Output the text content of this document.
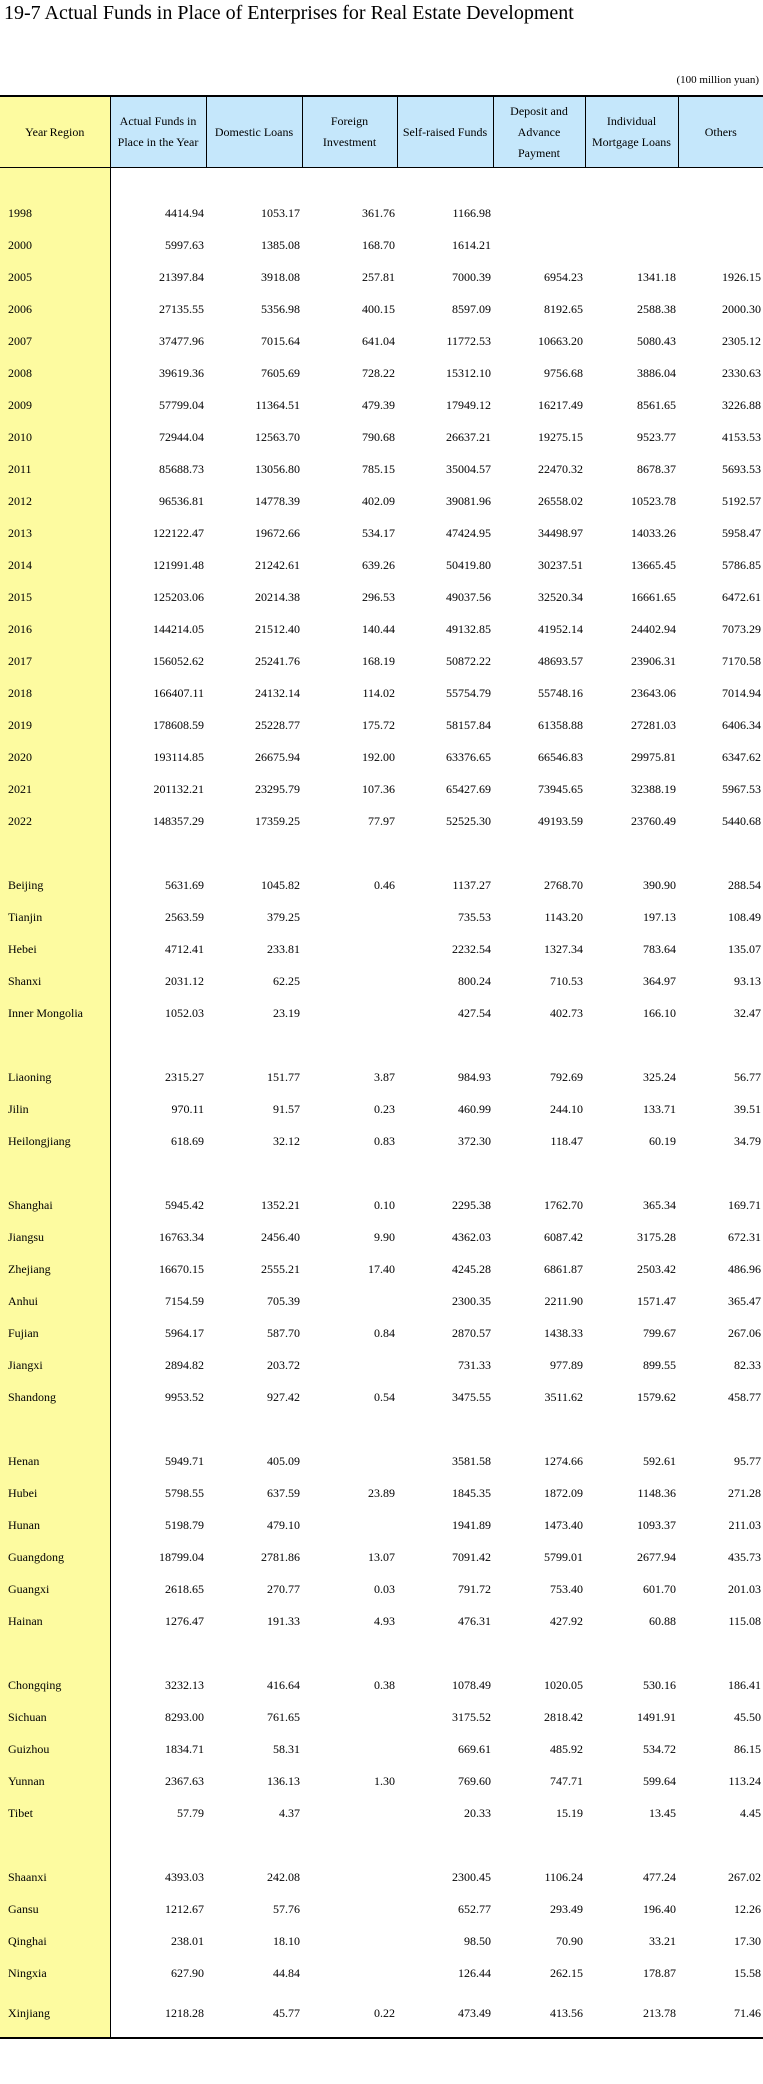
19-7 Actual Funds in Place of Enterprises for Real Estate Development
(100 million yuan)
Year Region	Actual Funds in Place in the Year	Domestic Loans	Foreign Investment	Self-raised Funds	Deposit and Advance Payment	Individual Mortgage Loans	Others

1998	4414.94	1053.17	361.76	1166.98			
2000	5997.63	1385.08	168.70	1614.21			
2005	21397.84	3918.08	257.81	7000.39	6954.23	1341.18	1926.15
2006	27135.55	5356.98	400.15	8597.09	8192.65	2588.38	2000.30
2007	37477.96	7015.64	641.04	11772.53	10663.20	5080.43	2305.12
2008	39619.36	7605.69	728.22	15312.10	9756.68	3886.04	2330.63
2009	57799.04	11364.51	479.39	17949.12	16217.49	8561.65	3226.88
2010	72944.04	12563.70	790.68	26637.21	19275.15	9523.77	4153.53
2011	85688.73	13056.80	785.15	35004.57	22470.32	8678.37	5693.53
2012	96536.81	14778.39	402.09	39081.96	26558.02	10523.78	5192.57
2013	122122.47	19672.66	534.17	47424.95	34498.97	14033.26	5958.47
2014	121991.48	21242.61	639.26	50419.80	30237.51	13665.45	5786.85
2015	125203.06	20214.38	296.53	49037.56	32520.34	16661.65	6472.61
2016	144214.05	21512.40	140.44	49132.85	41952.14	24402.94	7073.29
2017	156052.62	25241.76	168.19	50872.22	48693.57	23906.31	7170.58
2018	166407.11	24132.14	114.02	55754.79	55748.16	23643.06	7014.94
2019	178608.59	25228.77	175.72	58157.84	61358.88	27281.03	6406.34
2020	193114.85	26675.94	192.00	63376.65	66546.83	29975.81	6347.62
2021	201132.21	23295.79	107.36	65427.69	73945.65	32388.19	5967.53
2022	148357.29	17359.25	77.97	52525.30	49193.59	23760.49	5440.68

Beijing	5631.69	1045.82	0.46	1137.27	2768.70	390.90	288.54
Tianjin	2563.59	379.25		735.53	1143.20	197.13	108.49
Hebei	4712.41	233.81		2232.54	1327.34	783.64	135.07
Shanxi	2031.12	62.25		800.24	710.53	364.97	93.13
Inner Mongolia	1052.03	23.19		427.54	402.73	166.10	32.47

Liaoning	2315.27	151.77	3.87	984.93	792.69	325.24	56.77
Jilin	970.11	91.57	0.23	460.99	244.10	133.71	39.51
Heilongjiang	618.69	32.12	0.83	372.30	118.47	60.19	34.79

Shanghai	5945.42	1352.21	0.10	2295.38	1762.70	365.34	169.71
Jiangsu	16763.34	2456.40	9.90	4362.03	6087.42	3175.28	672.31
Zhejiang	16670.15	2555.21	17.40	4245.28	6861.87	2503.42	486.96
Anhui	7154.59	705.39		2300.35	2211.90	1571.47	365.47
Fujian	5964.17	587.70	0.84	2870.57	1438.33	799.67	267.06
Jiangxi	2894.82	203.72		731.33	977.89	899.55	82.33
Shandong	9953.52	927.42	0.54	3475.55	3511.62	1579.62	458.77

Henan	5949.71	405.09		3581.58	1274.66	592.61	95.77
Hubei	5798.55	637.59	23.89	1845.35	1872.09	1148.36	271.28
Hunan	5198.79	479.10		1941.89	1473.40	1093.37	211.03
Guangdong	18799.04	2781.86	13.07	7091.42	5799.01	2677.94	435.73
Guangxi	2618.65	270.77	0.03	791.72	753.40	601.70	201.03
Hainan	1276.47	191.33	4.93	476.31	427.92	60.88	115.08

Chongqing	3232.13	416.64	0.38	1078.49	1020.05	530.16	186.41
Sichuan	8293.00	761.65		3175.52	2818.42	1491.91	45.50
Guizhou	1834.71	58.31		669.61	485.92	534.72	86.15
Yunnan	2367.63	136.13	1.30	769.60	747.71	599.64	113.24
Tibet	57.79	4.37		20.33	15.19	13.45	4.45

Shaanxi	4393.03	242.08		2300.45	1106.24	477.24	267.02
Gansu	1212.67	57.76		652.77	293.49	196.40	12.26
Qinghai	238.01	18.10		98.50	70.90	33.21	17.30
Ningxia	627.90	44.84		126.44	262.15	178.87	15.58
Xinjiang	1218.28	45.77	0.22	473.49	413.56	213.78	71.46
